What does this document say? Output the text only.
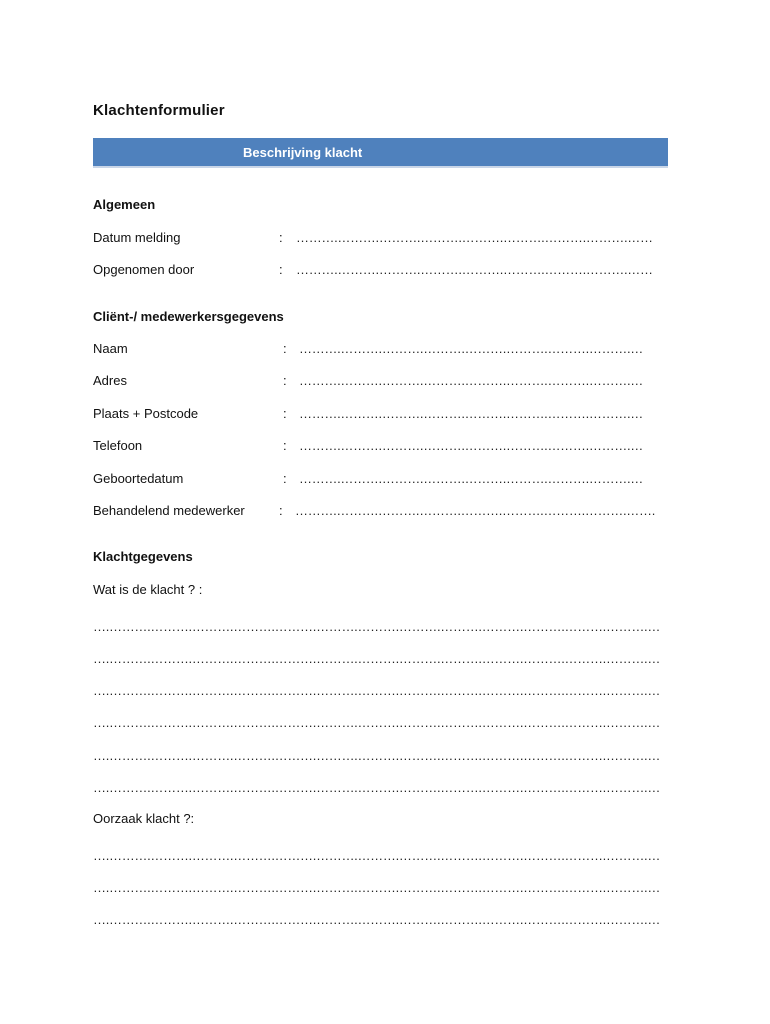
Klachtenformulier
Beschrijving klacht
Algemeen
Datum melding	: ……….……….……….……….……….……….……….……….……
Opgenomen door	: ……….……….……….……….……….……….……….……….……
Cliënt-/ medewerkersgegevens
Naam	: ……….……….……….……….……….……….……….……….…
Adres	: ……….……….……….……….……….……….……….……….…
Plaats + Postcode	: ……….……….……….……….……….……….……….……….…
Telefoon	: ……….……….……….……….……….……….……….……….…
Geboortedatum	: ……….……….……….……….……….……….……….……….…
Behandelend medewerker	: ……….……….……….……….……….……….……….……….…….
Klachtgegevens
Wat is de klacht ? :
….……….……….……….……….……….……….……….……….……….……….……….……….……….…
….……….……….……….……….……….……….……….……….……….……….……….……….……….…
….……….……….……….……….……….……….……….……….……….……….……….……….……….…
….……….……….……….……….……….……….……….……….……….……….……….……….……….…
….……….……….……….……….……….……….……….……….……….……….……….……….……….…
….……….……….……….……….……….……….……….……….……….……….……….……….……….…
Oorzaak klacht ?:
….……….……….……….……….……….……….……….……….……….……….……….……….……….…
….……….……….……….……….……….……….……….……….……….……….……….……….……….…
….……….……….……….……….……….……….……….……….……….……….……….……….……….…
